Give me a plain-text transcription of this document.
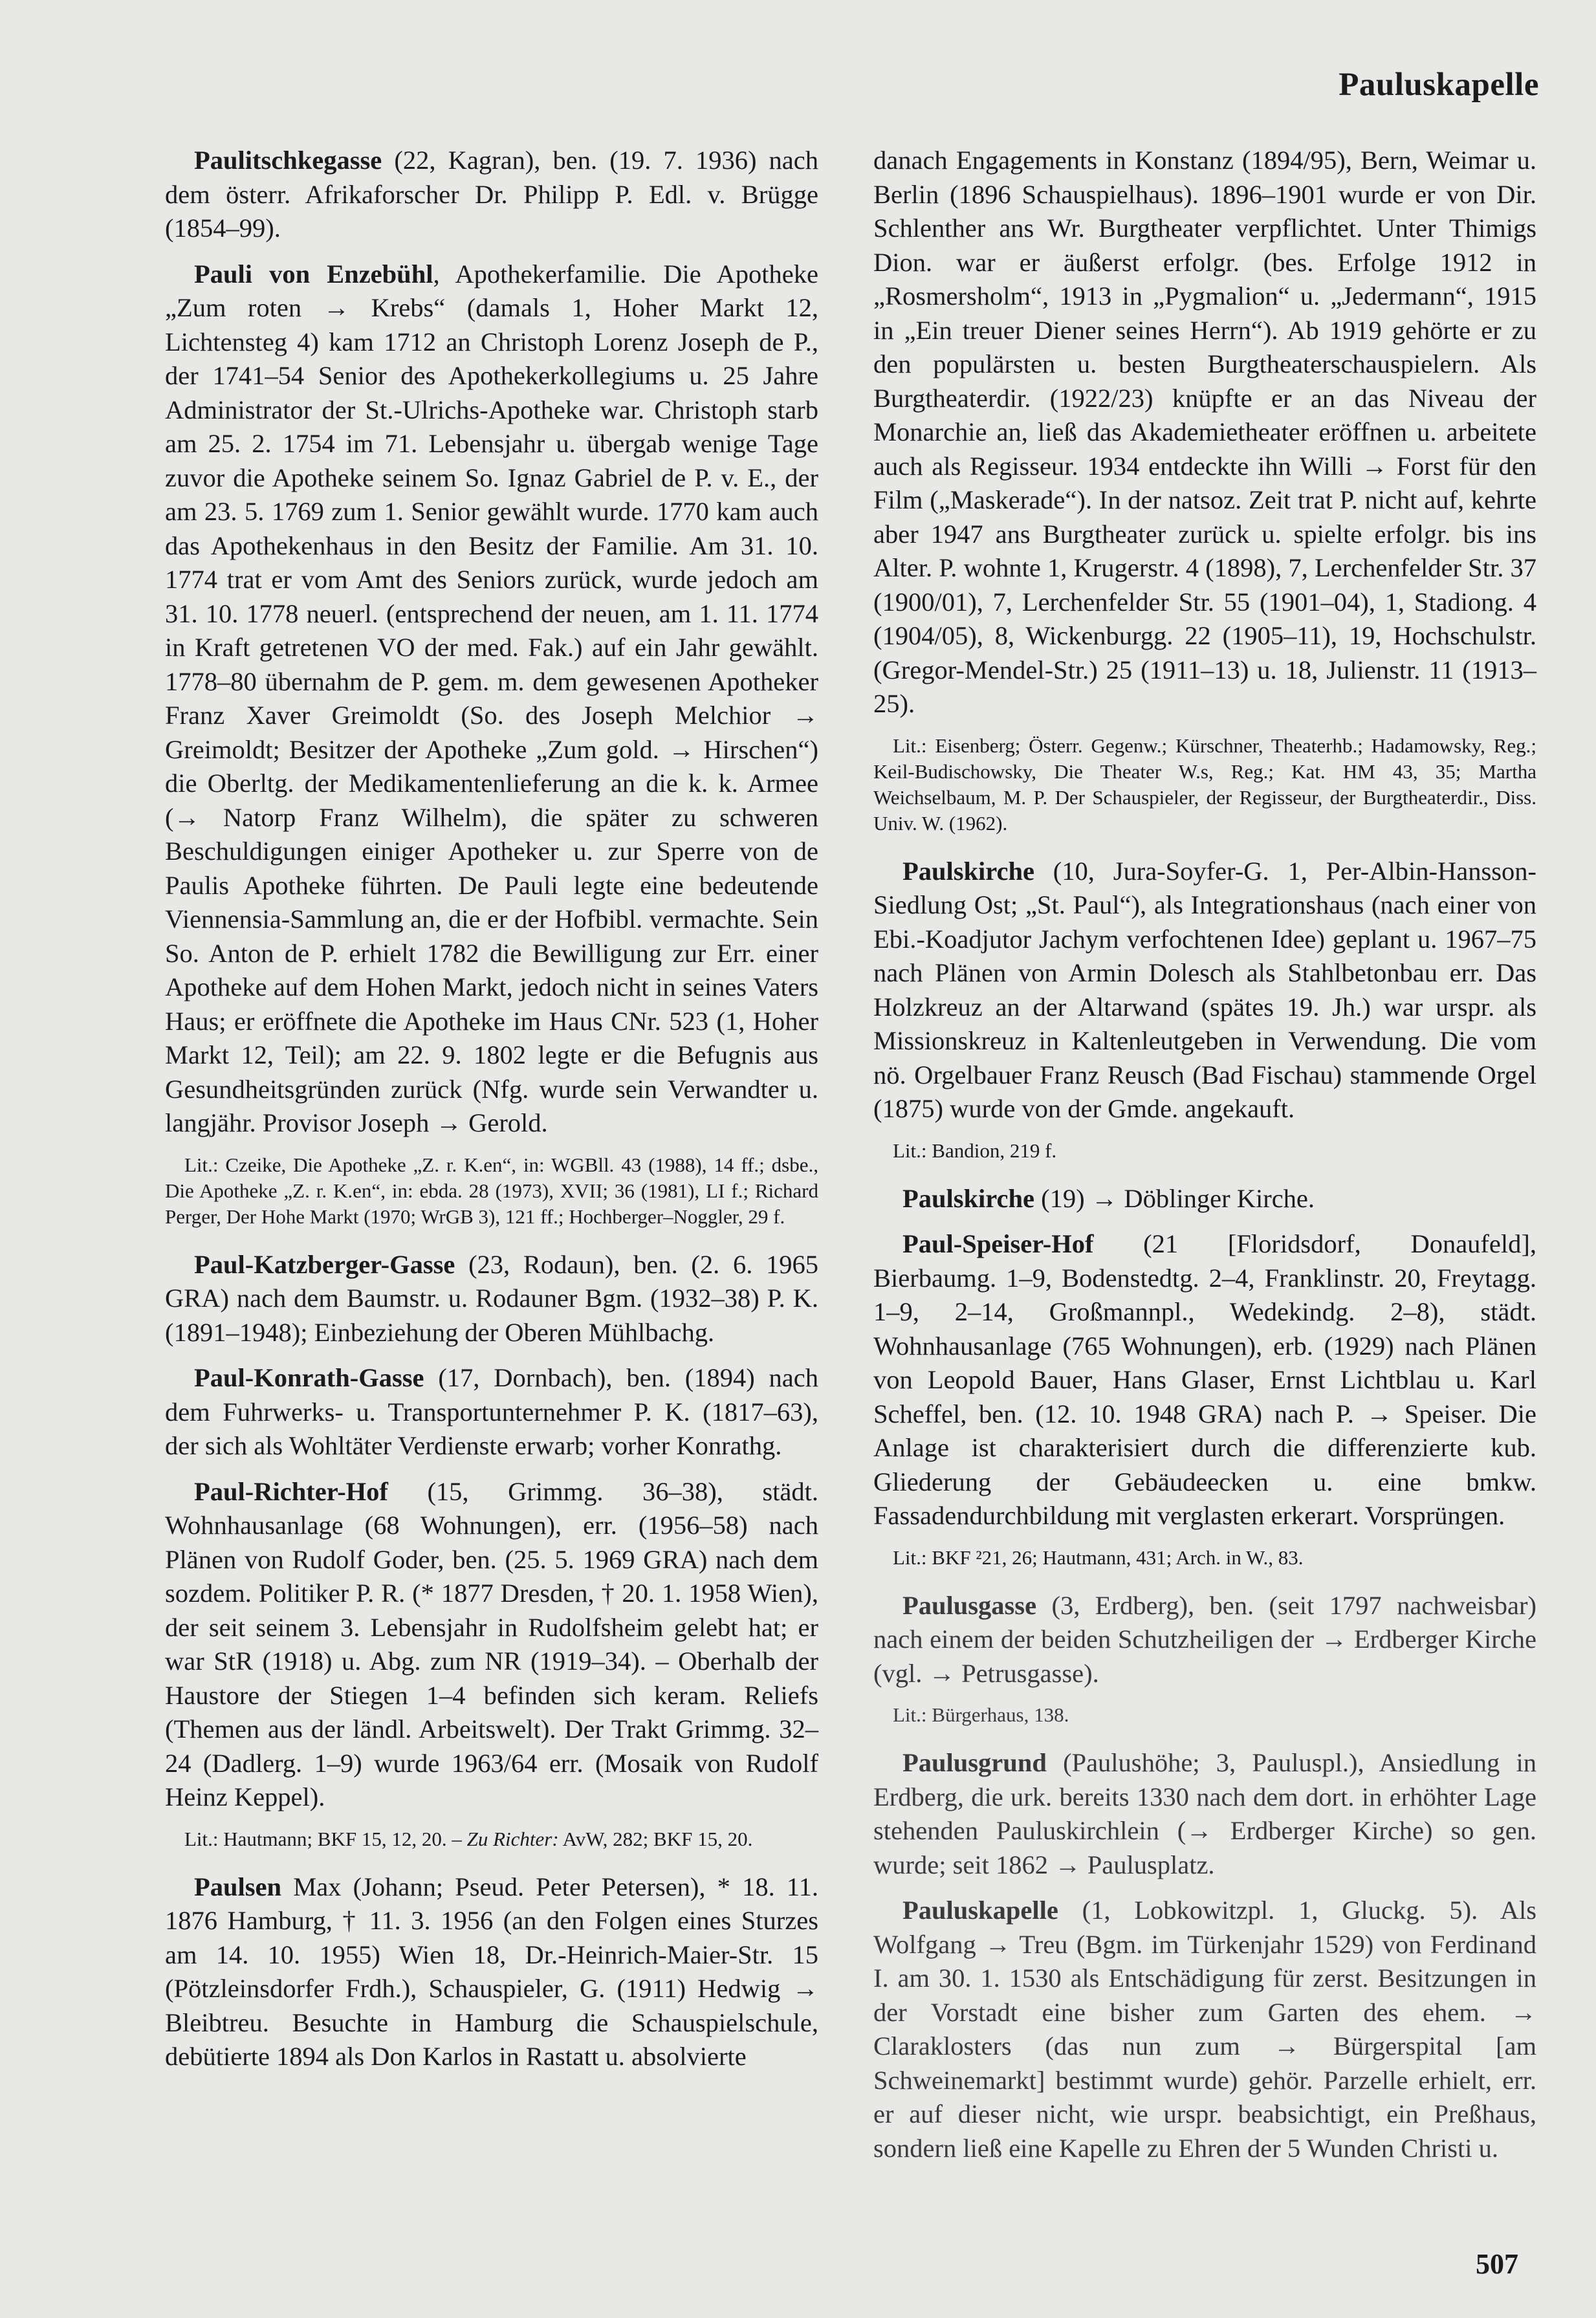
Pauluskapelle
Paulitschkegasse (22, Kagran), ben. (19. 7. 1936) nach dem österr. Afrikaforscher Dr. Philipp P. Edl. v. Brügge (1854–99).
Pauli von Enzebühl, Apothekerfamilie. Die Apotheke „Zum roten → Krebs“ (damals 1, Hoher Markt 12, Lichtensteg 4) kam 1712 an Christoph Lorenz Joseph de P., der 1741–54 Senior des Apothekerkollegiums u. 25 Jahre Administrator der St.-Ulrichs-Apotheke war. Christoph starb am 25. 2. 1754 im 71. Lebensjahr u. übergab wenige Tage zuvor die Apotheke seinem So. Ignaz Gabriel de P. v. E., der am 23. 5. 1769 zum 1. Senior gewählt wurde. 1770 kam auch das Apothekenhaus in den Besitz der Familie. Am 31. 10. 1774 trat er vom Amt des Seniors zurück, wurde jedoch am 31. 10. 1778 neuerl. (entsprechend der neuen, am 1. 11. 1774 in Kraft getretenen VO der med. Fak.) auf ein Jahr gewählt. 1778–80 übernahm de P. gem. m. dem gewesenen Apotheker Franz Xaver Greimoldt (So. des Joseph Melchior → Greimoldt; Besitzer der Apotheke „Zum gold. → Hirschen“) die Oberltg. der Medikamentenlieferung an die k. k. Armee (→ Natorp Franz Wilhelm), die später zu schweren Beschuldigungen einiger Apotheker u. zur Sperre von de Paulis Apotheke führten. De Pauli legte eine bedeutende Viennensia-Sammlung an, die er der Hofbibl. vermachte. Sein So. Anton de P. erhielt 1782 die Bewilligung zur Err. einer Apotheke auf dem Hohen Markt, jedoch nicht in seines Vaters Haus; er eröffnete die Apotheke im Haus CNr. 523 (1, Hoher Markt 12, Teil); am 22. 9. 1802 legte er die Befugnis aus Gesundheitsgründen zurück (Nfg. wurde sein Verwandter u. langjähr. Provisor Joseph → Gerold.
Lit.: Czeike, Die Apotheke „Z. r. K.en“, in: WGBll. 43 (1988), 14 ff.; dsbe., Die Apotheke „Z. r. K.en“, in: ebda. 28 (1973), XVII; 36 (1981), LI f.; Richard Perger, Der Hohe Markt (1970; WrGB 3), 121 ff.; Hochberger–Noggler, 29 f.
Paul-Katzberger-Gasse (23, Rodaun), ben. (2. 6. 1965 GRA) nach dem Baumstr. u. Rodauner Bgm. (1932–38) P. K. (1891–1948); Einbeziehung der Oberen Mühlbachg.
Paul-Konrath-Gasse (17, Dornbach), ben. (1894) nach dem Fuhrwerks- u. Transportunternehmer P. K. (1817–63), der sich als Wohltäter Verdienste erwarb; vorher Konrathg.
Paul-Richter-Hof (15, Grimmg. 36–38), städt. Wohnhausanlage (68 Wohnungen), err. (1956–58) nach Plänen von Rudolf Goder, ben. (25. 5. 1969 GRA) nach dem sozdem. Politiker P. R. (* 1877 Dresden, † 20. 1. 1958 Wien), der seit seinem 3. Lebensjahr in Rudolfsheim gelebt hat; er war StR (1918) u. Abg. zum NR (1919–34). – Oberhalb der Haustore der Stiegen 1–4 befinden sich keram. Reliefs (Themen aus der ländl. Arbeitswelt). Der Trakt Grimmg. 32–24 (Dadlerg. 1–9) wurde 1963/64 err. (Mosaik von Rudolf Heinz Keppel).
Lit.: Hautmann; BKF 15, 12, 20. – Zu Richter: AvW, 282; BKF 15, 20.
Paulsen Max (Johann; Pseud. Peter Petersen), * 18. 11. 1876 Hamburg, † 11. 3. 1956 (an den Folgen eines Sturzes am 14. 10. 1955) Wien 18, Dr.-Heinrich-Maier-Str. 15 (Pötzleinsdorfer Frdh.), Schauspieler, G. (1911) Hedwig → Bleibtreu. Besuchte in Hamburg die Schauspielschule, debütierte 1894 als Don Karlos in Rastatt u. absolvierte
danach Engagements in Konstanz (1894/95), Bern, Weimar u. Berlin (1896 Schauspielhaus). 1896–1901 wurde er von Dir. Schlenther ans Wr. Burgtheater verpflichtet. Unter Thimigs Dion. war er äußerst erfolgr. (bes. Erfolge 1912 in „Rosmersholm“, 1913 in „Pygmalion“ u. „Jedermann“, 1915 in „Ein treuer Diener seines Herrn“). Ab 1919 gehörte er zu den populärsten u. besten Burgtheaterschauspielern. Als Burgtheaterdir. (1922/23) knüpfte er an das Niveau der Monarchie an, ließ das Akademietheater eröffnen u. arbeitete auch als Regisseur. 1934 entdeckte ihn Willi → Forst für den Film („Maskerade“). In der natsoz. Zeit trat P. nicht auf, kehrte aber 1947 ans Burgtheater zurück u. spielte erfolgr. bis ins Alter. P. wohnte 1, Krugerstr. 4 (1898), 7, Lerchenfelder Str. 37 (1900/01), 7, Lerchenfelder Str. 55 (1901–04), 1, Stadiong. 4 (1904/05), 8, Wickenburgg. 22 (1905–11), 19, Hochschulstr. (Gregor-Mendel-Str.) 25 (1911–13) u. 18, Julienstr. 11 (1913–25).
Lit.: Eisenberg; Österr. Gegenw.; Kürschner, Theaterhb.; Hadamowsky, Reg.; Keil-Budischowsky, Die Theater W.s, Reg.; Kat. HM 43, 35; Martha Weichselbaum, M. P. Der Schauspieler, der Regisseur, der Burgtheaterdir., Diss. Univ. W. (1962).
Paulskirche (10, Jura-Soyfer-G. 1, Per-Albin-Hansson-Siedlung Ost; „St. Paul“), als Integrationshaus (nach einer von Ebi.-Koadjutor Jachym verfochtenen Idee) geplant u. 1967–75 nach Plänen von Armin Dolesch als Stahlbetonbau err. Das Holzkreuz an der Altarwand (spätes 19. Jh.) war urspr. als Missionskreuz in Kaltenleutgeben in Verwendung. Die vom nö. Orgelbauer Franz Reusch (Bad Fischau) stammende Orgel (1875) wurde von der Gmde. angekauft.
Lit.: Bandion, 219 f.
Paulskirche (19) → Döblinger Kirche.
Paul-Speiser-Hof (21 [Floridsdorf, Donaufeld], Bierbaumg. 1–9, Bodenstedtg. 2–4, Franklinstr. 20, Freytagg. 1–9, 2–14, Großmannpl., Wedekindg. 2–8), städt. Wohnhausanlage (765 Wohnungen), erb. (1929) nach Plänen von Leopold Bauer, Hans Glaser, Ernst Lichtblau u. Karl Scheffel, ben. (12. 10. 1948 GRA) nach P. → Speiser. Die Anlage ist charakterisiert durch die differenzierte kub. Gliederung der Gebäudeecken u. eine bmkw. Fassadendurchbildung mit verglasten erkerart. Vorsprüngen.
Lit.: BKF ²21, 26; Hautmann, 431; Arch. in W., 83.
Paulusgasse (3, Erdberg), ben. (seit 1797 nachweisbar) nach einem der beiden Schutzheiligen der → Erdberger Kirche (vgl. → Petrusgasse).
Lit.: Bürgerhaus, 138.
Paulusgrund (Paulushöhe; 3, Pauluspl.), Ansiedlung in Erdberg, die urk. bereits 1330 nach dem dort. in erhöhter Lage stehenden Pauluskirchlein (→ Erdberger Kirche) so gen. wurde; seit 1862 → Paulusplatz.
Pauluskapelle (1, Lobkowitzpl. 1, Gluckg. 5). Als Wolfgang → Treu (Bgm. im Türkenjahr 1529) von Ferdinand I. am 30. 1. 1530 als Entschädigung für zerst. Besitzungen in der Vorstadt eine bisher zum Garten des ehem. → Claraklosters (das nun zum → Bürgerspital [am Schweinemarkt] bestimmt wurde) gehör. Parzelle erhielt, err. er auf dieser nicht, wie urspr. beabsichtigt, ein Preßhaus, sondern ließ eine Kapelle zu Ehren der 5 Wunden Christi u.
507
